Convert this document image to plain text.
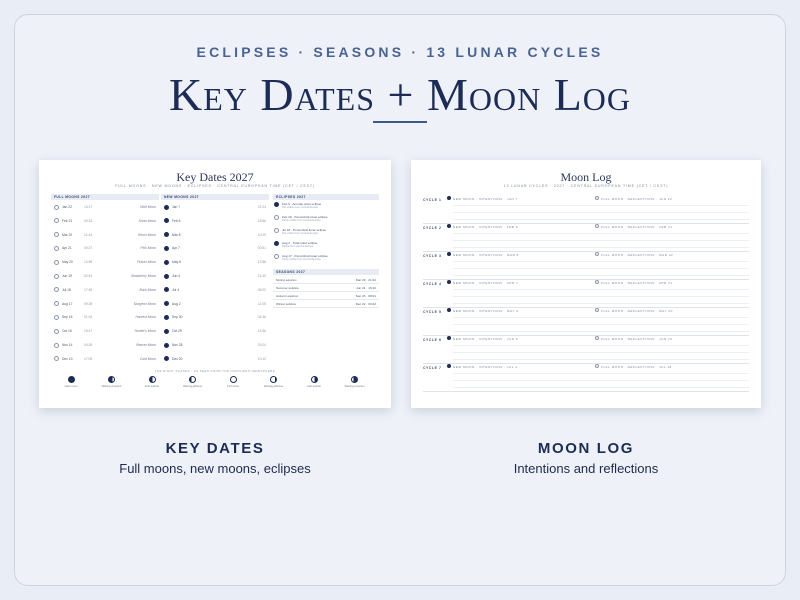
ECLIPSES · SEASONS · 13 LUNAR CYCLES
Key Dates + Moon Log
Key Dates 2027
FULL MOONS · NEW MOONS · ECLIPSES · CENTRAL EUROPEAN TIME (CET / CEST)
FULL MOONS 2027	NEW MOONS 2027	ECLIPSES 2027
SEASONS 2027
THE EIGHT PHASES · AS SEEN FROM THE NORTHERN HEMISPHERE
Jan 22	13:17	Wolf Moon
Feb 21	00:23	Snow Moon
Mar 22	11:44	Worm Moon
Apr 21	00:27	Pink Moon
May 20	12:59	Flower Moon
Jun 19	02:44	Strawberry Moon
Jul 18	17:45	Buck Moon
Aug 17	09:28	Sturgeon Moon
Sep 16	01:04	Harvest Moon
Oct 15	15:47	Hunter's Moon
Nov 14	04:26	Beaver Moon
Dec 13	17:09	Cold Moon
Jan 7	21:24
Feb 6	16:56
Mar 8	10:29
Apr 7	00:51
May 6	12:58
Jun 4	21:40
Jul 4	05:02
Aug 2	11:05
Sep 30	04:36
Oct 29	14:36
Nov 28	03:24
Dec 20	10:12
Feb 6 · Annular solar eclipse
Not visible from Central Europe
Feb 20 · Penumbral lunar eclipse
Partly visible from Central Europe
Jul 18 · Penumbral lunar eclipse
Not visible from Central Europe
Aug 2 · Total solar eclipse
Partial from Central Europe
Aug 17 · Penumbral lunar eclipse
Partly visible from Central Europe
Spring equinox	Mar 20 · 21:24
Summer solstice	Jun 21 · 16:10
Autumn equinox	Sep 23 · 08:01
Winter solstice	Dec 22 · 03:42
New moon	Waxing crescent	First quarter	Waxing gibbous	Full moon	Waning gibbous	Last quarter	Waning crescent
Moon Log
13 LUNAR CYCLES · 2027 · CENTRAL EUROPEAN TIME (CET / CEST)
CYCLE 1	NEW MOON · INTENTIONS · JAN 7	FULL MOON · REFLECTIONS · JAN 22
CYCLE 2	NEW MOON · INTENTIONS · FEB 6	FULL MOON · REFLECTIONS · FEB 21
CYCLE 3	NEW MOON · INTENTIONS · MAR 8	FULL MOON · REFLECTIONS · MAR 22
CYCLE 4	NEW MOON · INTENTIONS · APR 7	FULL MOON · REFLECTIONS · APR 21
CYCLE 5	NEW MOON · INTENTIONS · MAY 6	FULL MOON · REFLECTIONS · MAY 20
CYCLE 6	NEW MOON · INTENTIONS · JUN 4	FULL MOON · REFLECTIONS · JUN 19
CYCLE 7	NEW MOON · INTENTIONS · JUL 4	FULL MOON · REFLECTIONS · JUL 18
KEY DATES
Full moons, new moons, eclipses
MOON LOG
Intentions and reflections
